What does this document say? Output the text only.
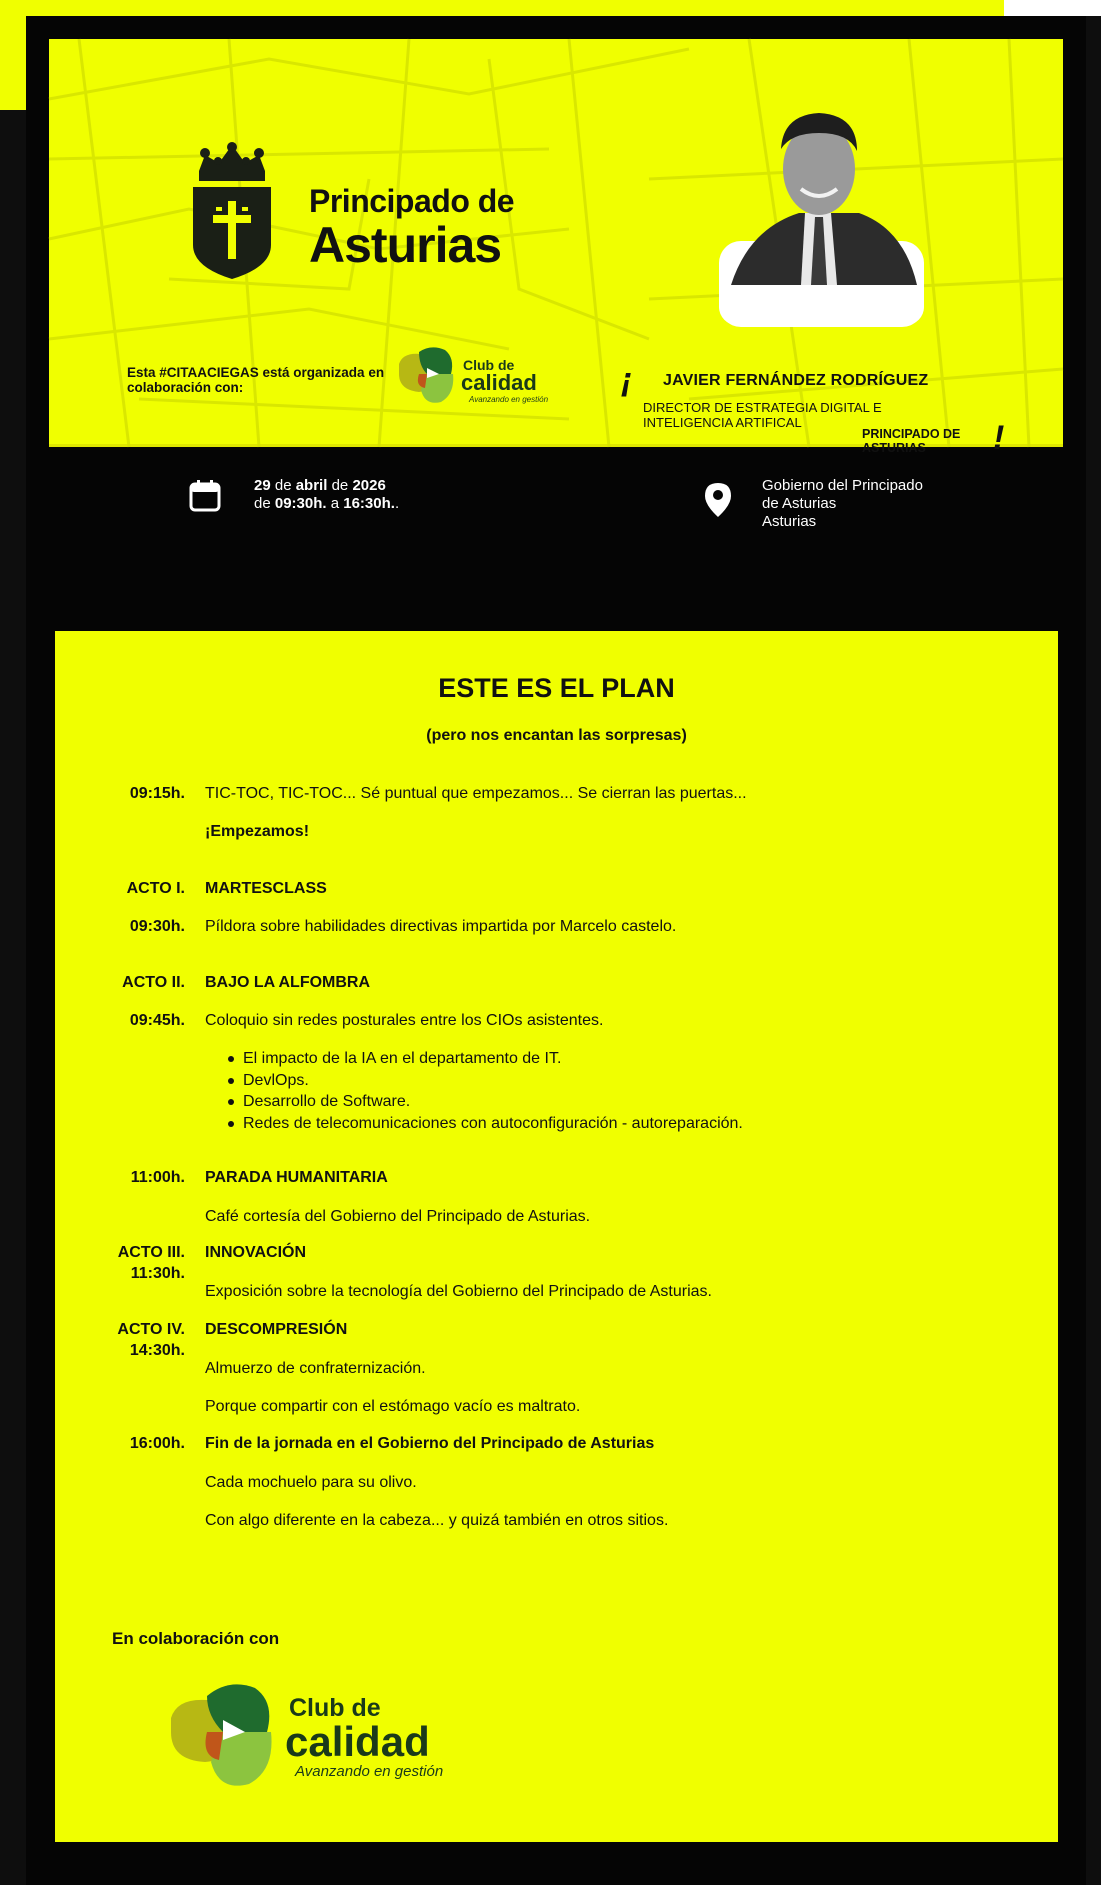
Principado de
Asturias
Esta #CITAACIEGAS está organizada en colaboración con:
Club de
calidad
Avanzando en gestión
¡ JAVIER FERNÁNDEZ RODRÍGUEZ
DIRECTOR DE ESTRATEGIA DIGITAL E INTELIGENCIA ARTIFICAL
PRINCIPADO DE ASTURIAS	!
29 de abril de 2026
de 09:30h. a 16:30h..
Gobierno del Principado
de Asturias
Asturias
ESTE ES EL PLAN
(pero nos encantan las sorpresas)
09:15h. TIC-TOC, TIC-TOC... Sé puntual que empezamos... Se cierran las puertas...
¡Empezamos!
ACTO I. MARTESCLASS
09:30h. Píldora sobre habilidades directivas impartida por Marcelo castelo.
ACTO II. BAJO LA ALFOMBRA
09:45h. Coloquio sin redes posturales entre los CIOs asistentes.
El impacto de la IA en el departamento de IT.
DevlOps.
Desarrollo de Software.
Redes de telecomunicaciones con autoconfiguración - autoreparación.
11:00h. PARADA HUMANITARIA
Café cortesía del Gobierno del Principado de Asturias.
ACTO III. INNOVACIÓN
11:30h.
Exposición sobre la tecnología del Gobierno del Principado de Asturias.
ACTO IV. DESCOMPRESIÓN
14:30h.
Almuerzo de confraternización.
Porque compartir con el estómago vacío es maltrato.
16:00h. Fin de la jornada en el Gobierno del Principado de Asturias
Cada mochuelo para su olivo.
Con algo diferente en la cabeza... y quizá también en otros sitios.
En colaboración con
Club de
calidad
Avanzando en gestión
